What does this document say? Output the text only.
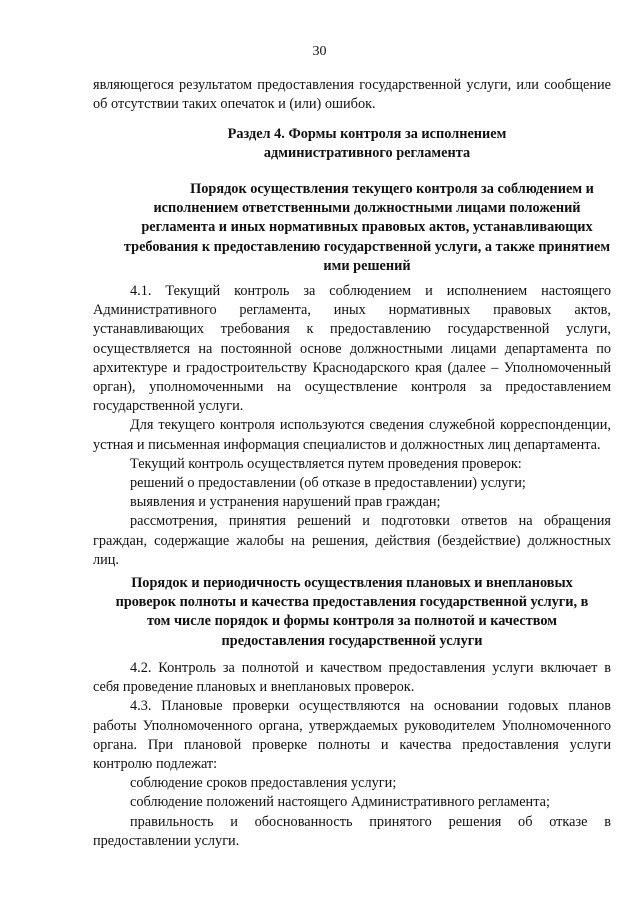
30

являющегося результатом предоставления государственной услуги, или сообщение об отсутствии таких опечаток и (или) ошибок.

Раздел 4. Формы контроля за исполнением
административного регламента
Порядок осуществления текущего контроля за соблюдением и
исполнением ответственными должностными лицами положений
регламента и иных нормативных правовых актов, устанавливающих
требования к предоставлению государственной услуги, а также принятием
ими решений

4.1. Текущий контроль за соблюдением и исполнением настоящего Административного регламента, иных нормативных правовых актов, устанавливающих требования к предоставлению государственной услуги, осуществляется на постоянной основе должностными лицами департамента по архитектуре и градостроительству Краснодарского края (далее – Уполномоченный орган), уполномоченными на осуществление контроля за предоставлением государственной услуги.

Для текущего контроля используются сведения служебной корреспонденции, устная и письменная информация специалистов и должностных лиц департамента.

Текущий контроль осуществляется путем проведения проверок:

решений о предоставлении (об отказе в предоставлении) услуги;

выявления и устранения нарушений прав граждан;

рассмотрения, принятия решений и подготовки ответов на обращения граждан, содержащие жалобы на решения, действия (бездействие) должностных лиц.

Порядок и периодичность осуществления плановых и внеплановых
проверок полноты и качества предоставления государственной услуги, в
том числе порядок и формы контроля за полнотой и качеством
предоставления государственной услуги

4.2. Контроль за полнотой и качеством предоставления услуги включает в себя проведение плановых и внеплановых проверок.

4.3. Плановые проверки осуществляются на основании годовых планов работы Уполномоченного органа, утверждаемых руководителем Уполномоченного органа. При плановой проверке полноты и качества предоставления услуги контролю подлежат:

соблюдение сроков предоставления услуги;

соблюдение положений настоящего Административного регламента;

правильность и обоснованность принятого решения об отказе в предоставлении услуги.
